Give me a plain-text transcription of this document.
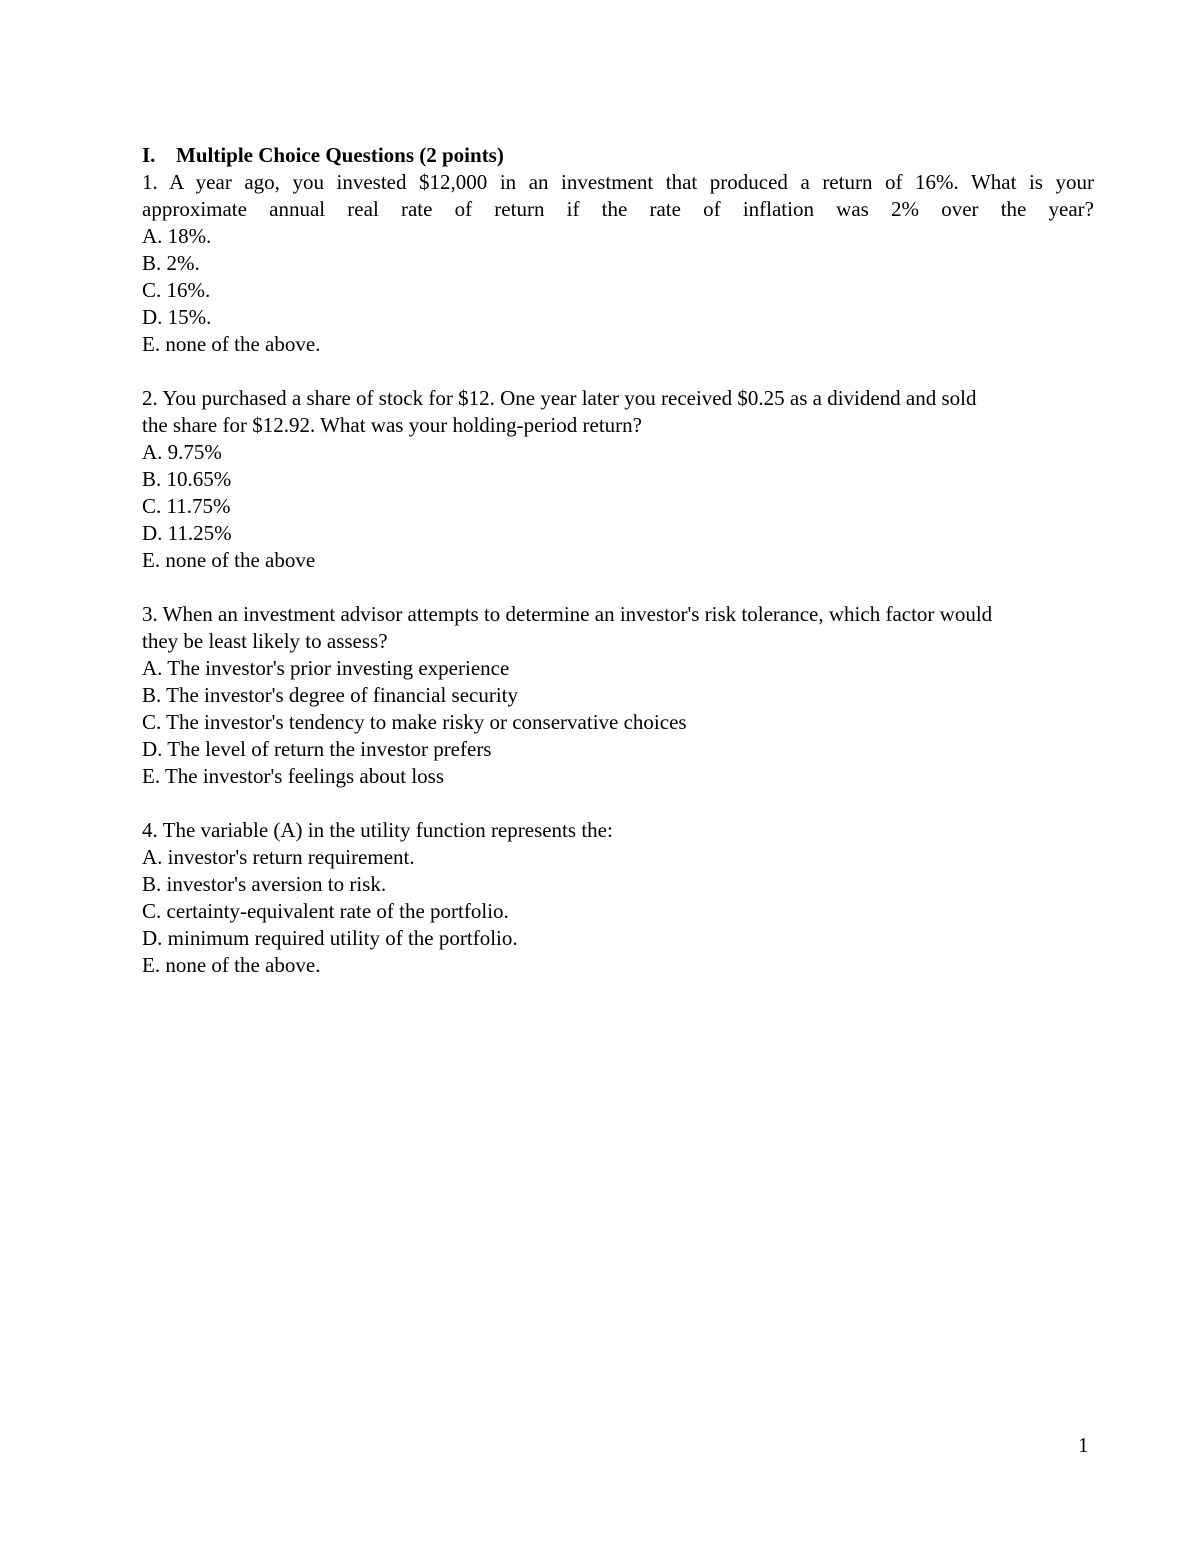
I. Multiple Choice Questions (2 points)

1. A year ago, you invested $12,000 in an investment that produced a return of 16%. What is your
approximate annual real rate of return if the rate of inflation was 2% over the year?

A. 18%.

B. 2%.

C. 16%.

D. 15%.

E. none of the above.

2. You purchased a share of stock for $12. One year later you received $0.25 as a dividend and sold
the share for $12.92. What was your holding-period return?

A. 9.75%

B. 10.65%

C. 11.75%

D. 11.25%

E. none of the above

3. When an investment advisor attempts to determine an investor's risk tolerance, which factor would
they be least likely to assess?

A. The investor's prior investing experience

B. The investor's degree of financial security

C. The investor's tendency to make risky or conservative choices

D. The level of return the investor prefers

E. The investor's feelings about loss

4. The variable (A) in the utility function represents the:

A. investor's return requirement.

B. investor's aversion to risk.

C. certainty-equivalent rate of the portfolio.

D. minimum required utility of the portfolio.

E. none of the above.

1
